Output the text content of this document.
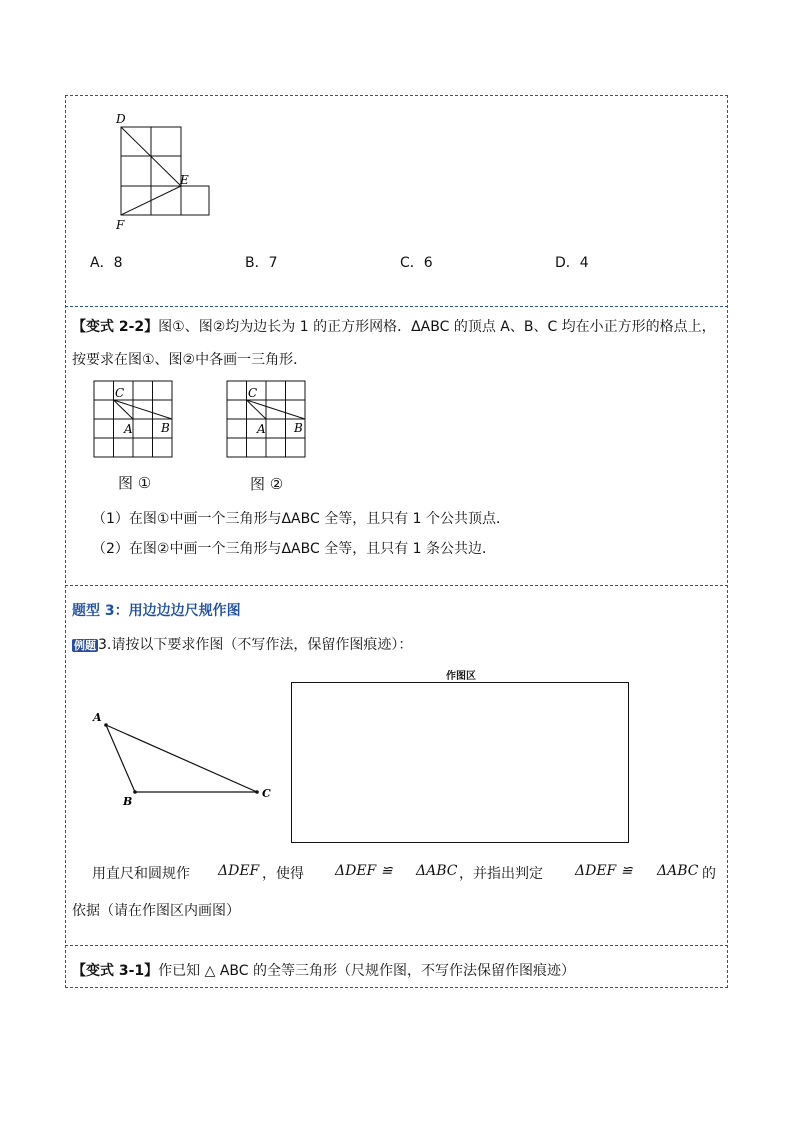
D
E
F
A．8	B．7	C．6	D．4
【变式 2-2】图①、图②均为边长为 1 的正方形网格．ΔABC 的顶点 A、B、C 均在小正方形的格点上，
按要求在图①、图②中各画一三角形．
C
A B
图 ①
C
A B
图 ②
（1）在图①中画一个三角形与ΔABC 全等，且只有 1 个公共顶点．
（2）在图②中画一个三角形与ΔABC 全等，且只有 1 条公共边．
题型 3：用边边边尺规作图
例题 3.请按以下要求作图（不写作法，保留作图痕迹）：
作图区
A
B
C
用直尺和圆规作 ΔDEF ，使得 ΔDEF ≌ ΔABC ，并指出判定 ΔDEF ≌ ΔABC 的
依据（请在作图区内画图）
【变式 3-1】作已知 △ ABC 的全等三角形（尺规作图，不写作法保留作图痕迹）
